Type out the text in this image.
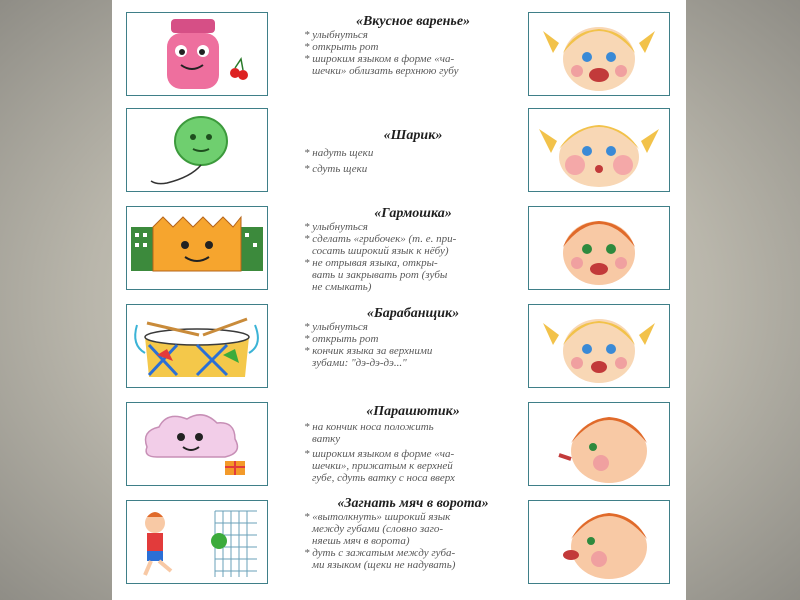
«Вкусное варенье»
* улыбнуться
* открыть рот
* широким языком в форме «ча-
шечки» облизать верхнюю губу
«Шарик»
* надуть щеки
* сдуть щеки
«Гармошка»
* улыбнуться
* сделать «грибочек» (т. е. при-
сосать широкий язык к нёбу)
* не отрывая языка, откры-
вать и закрывать рот (зубы
не смыкать)
«Барабанщик»
* улыбнуться
* открыть рот
* кончик языка за верхними
зубами: "дэ-дэ-дэ..."
«Парашютик»
* на кончик носа положить
ватку
* широким языком в форме «ча-
шечки», прижатым к верхней
губе, сдуть ватку с носа вверх
«Загнать мяч в ворота»
* «вытолкнуть» широкий язык
между губами (словно заго-
няешь мяч в ворота)
* дуть с зажатым между губа-
ми языком (щеки не надувать)
